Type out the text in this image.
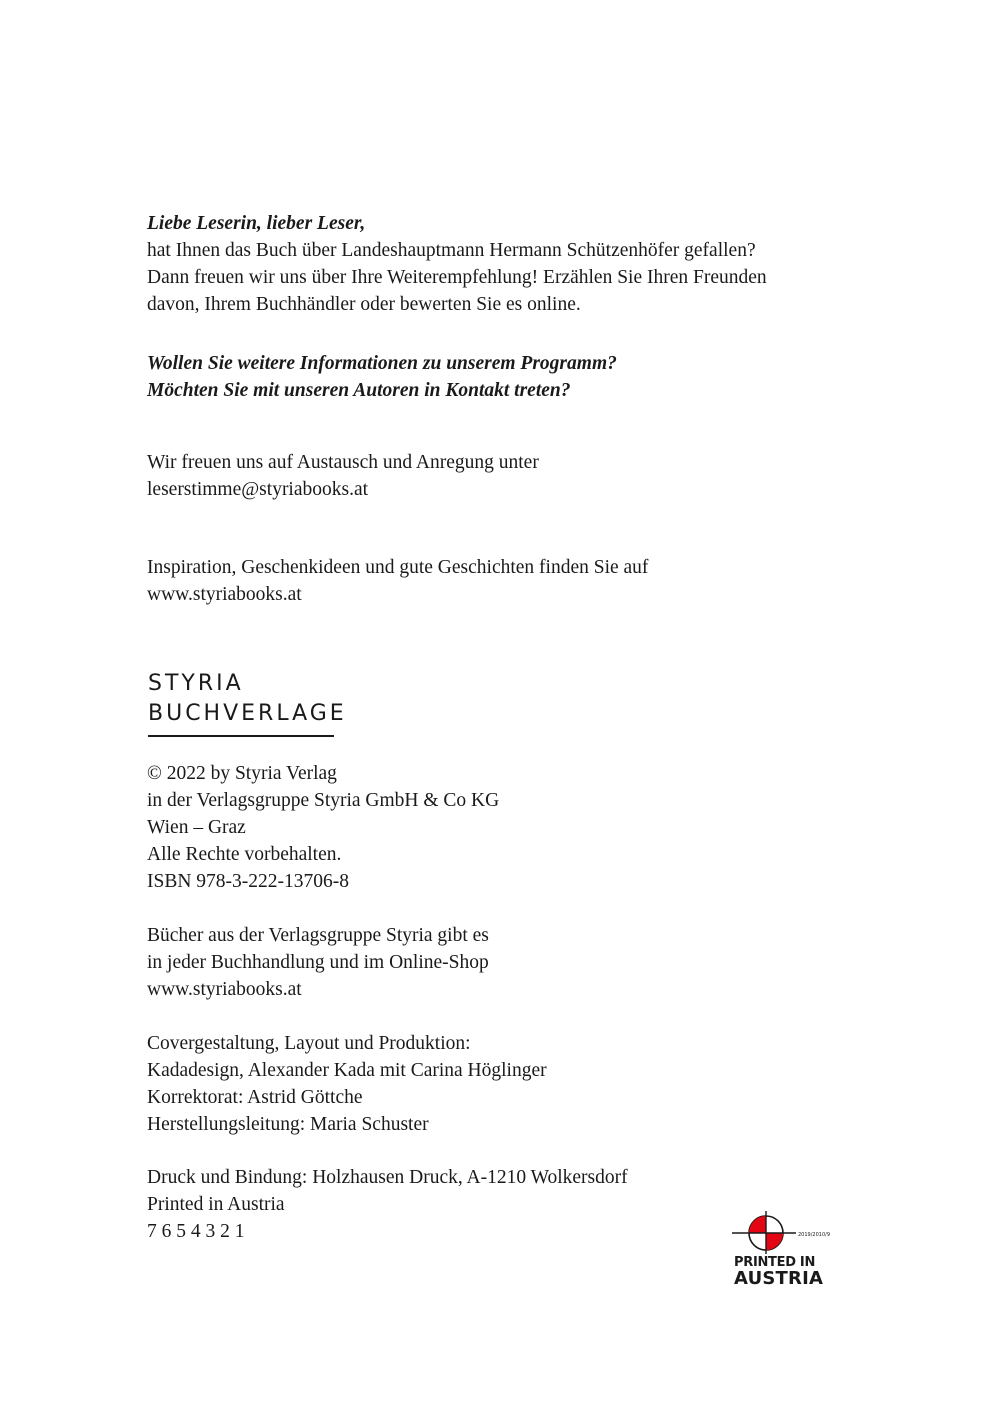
Liebe Leserin, lieber Leser,
hat Ihnen das Buch über Landeshauptmann Hermann Schützenhöfer gefallen?
Dann freuen wir uns über Ihre Weiterempfehlung! Erzählen Sie Ihren Freunden
davon, Ihrem Buchhändler oder bewerten Sie es online.
Wollen Sie weitere Informationen zu unserem Programm?
Möchten Sie mit unseren Autoren in Kontakt treten?
Wir freuen uns auf Austausch und Anregung unter
leserstimme@styriabooks.at
Inspiration, Geschenkideen und gute Geschichten finden Sie auf
www.styriabooks.at
STYRIA
BUCHVERLAGE
© 2022 by Styria Verlag
in der Verlagsgruppe Styria GmbH & Co KG
Wien – Graz
Alle Rechte vorbehalten.
ISBN 978-3-222-13706-8
Bücher aus der Verlagsgruppe Styria gibt es
in jeder Buchhandlung und im Online-Shop
www.styriabooks.at
Covergestaltung, Layout und Produktion:
Kadadesign, Alexander Kada mit Carina Höglinger
Korrektorat: Astrid Göttche
Herstellungsleitung: Maria Schuster
Druck und Bindung: Holzhausen Druck, A-1210 Wolkersdorf
Printed in Austria
7 6 5 4 3 2 1	2019/2010/9
PRINTED IN
AUSTRIA
